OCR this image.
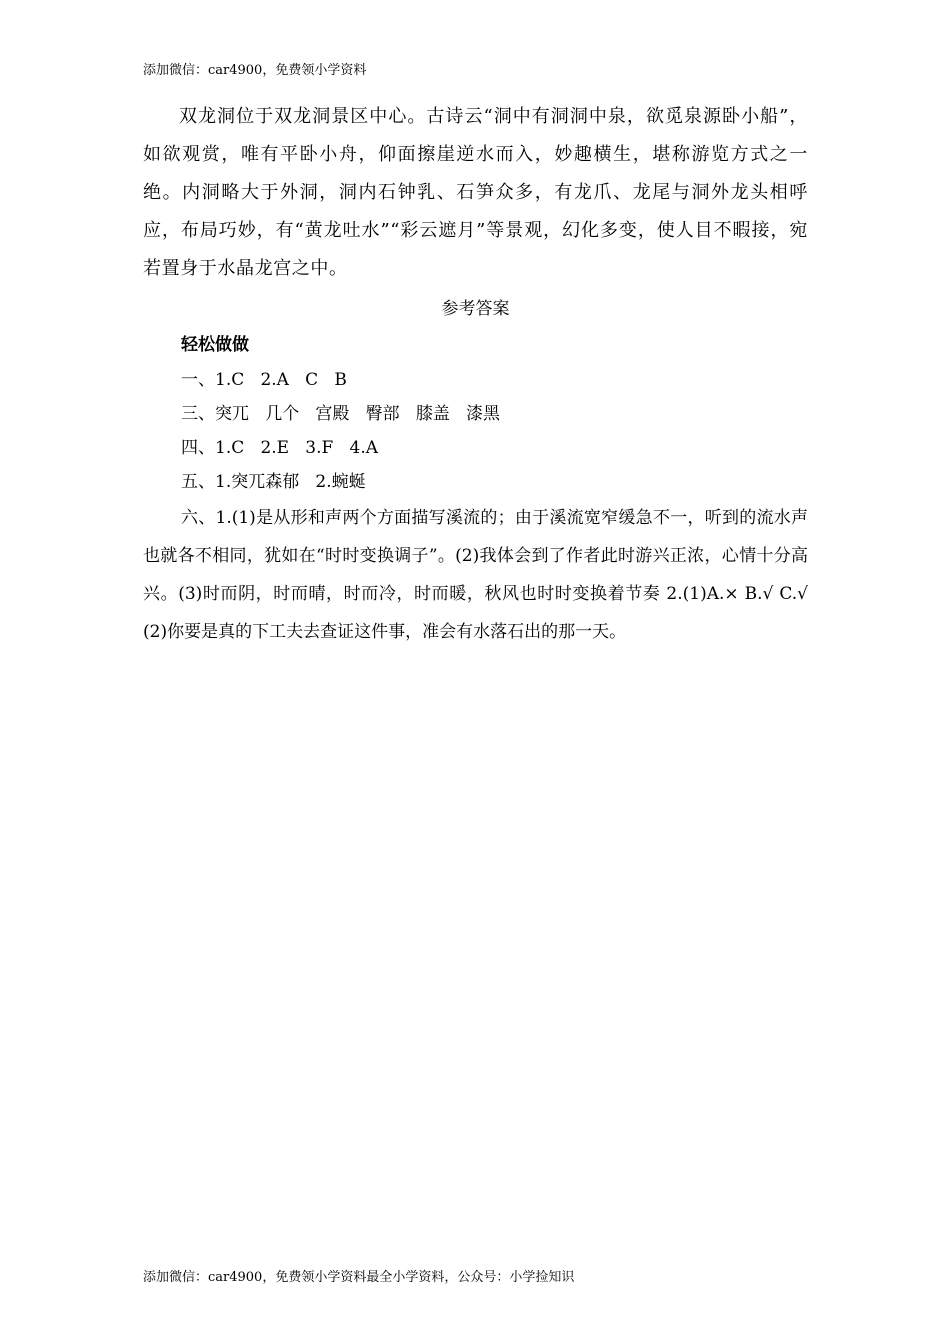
添加微信：car4900，免费领小学资料

双龙洞位于双龙洞景区中心。古诗云“洞中有洞洞中泉，欲觅泉源卧小船”，如欲观赏，唯有平卧小舟，仰面擦崖逆水而入，妙趣横生，堪称游览方式之一绝。内洞略大于外洞，洞内石钟乳、石笋众多，有龙爪、龙尾与洞外龙头相呼应，布局巧妙，有“黄龙吐水”“彩云遮月”等景观，幻化多变，使人目不暇接，宛若置身于水晶龙宫之中。

参考答案
轻松做做

一、1.C   2.A   C   B

三、突兀   几个   宫殿   臀部   膝盖   漆黑

四、1.C   2.E   3.F   4.A

五、1.突兀森郁   2.蜿蜒

六、1.(1)是从形和声两个方面描写溪流的；由于溪流宽窄缓急不一，听到的流水声也就各不相同，犹如在“时时变换调子”。(2)我体会到了作者此时游兴正浓，心情十分高兴。(3)时而阴，时而晴，时而冷，时而暖，秋风也时时变换着节奏 2.(1)A.× B.√ C.√ (2)你要是真的下工夫去查证这件事，准会有水落石出的那一天。

添加微信：car4900，免费领小学资料最全小学资料，公众号：小学捡知识
